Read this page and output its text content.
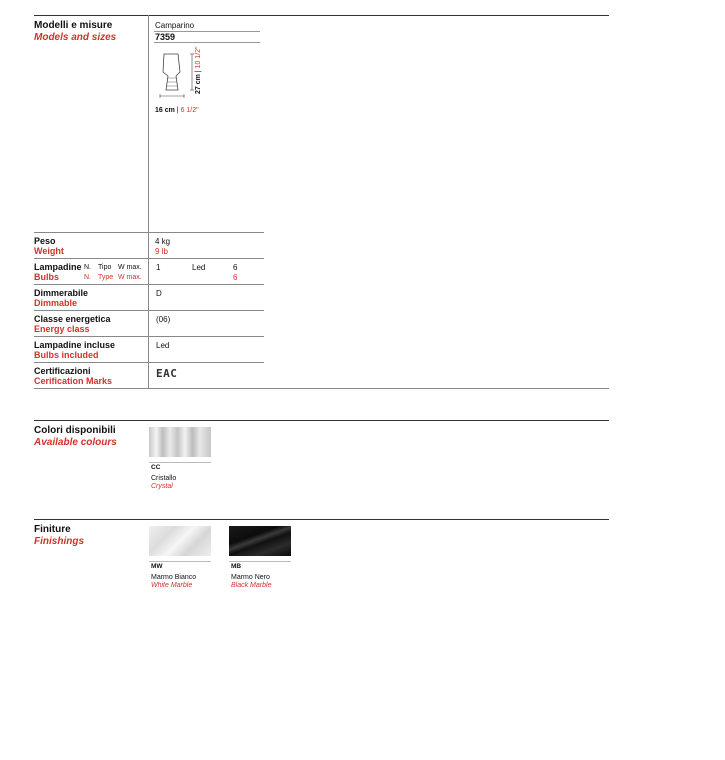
Modelli e misure
Models and sizes
Camparino
7359
27 cm | 10 1/2"
16 cm | 6 1/2"
Peso
Weight
4 kg
9 lb
Lampadine
Bulbs
N. Tipo W max.
N. Type W max.
1	Led	6
6
Dimmerabile
Dimmable
D
Classe energetica
Energy class
(06)
Lampadine incluse
Bulbs included
Led
Certificazioni
Cerification Marks
EAC
Colori disponibili
Available colours
CC
Cristallo
Crystal
Finiture
Finishings
MW
Marmo Bianco
White Marble
MB
Marmo Nero
Black Marble
